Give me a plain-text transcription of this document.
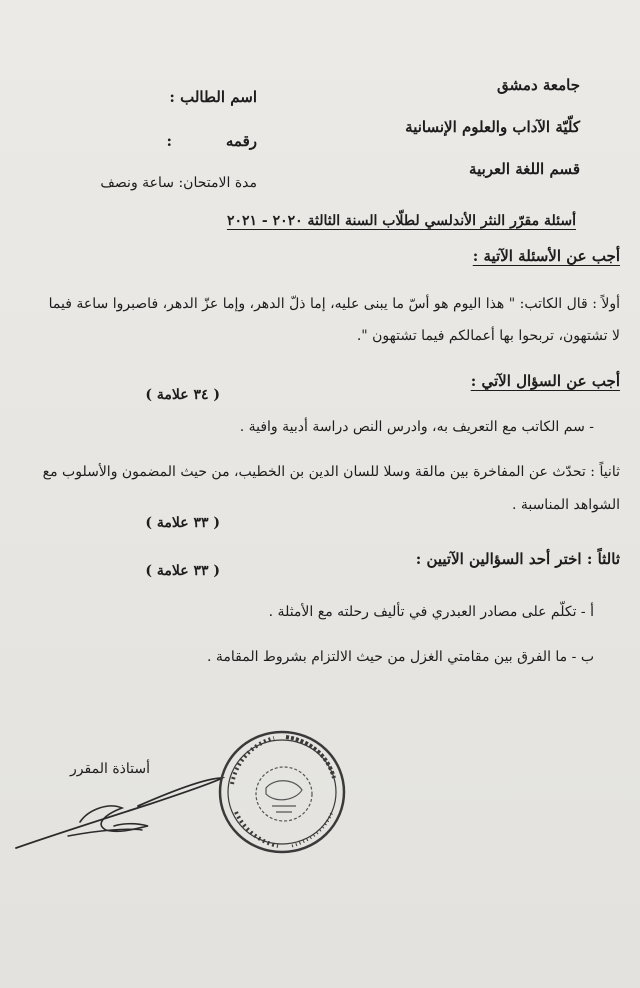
جامعة دمشق
كلّيّة الآداب والعلوم الإنسانية
قسم اللغة العربية
اسم الطالب :
رقمه
:
مدة الامتحان: ساعة ونصف
أسئلة مقرّر النثر الأندلسي لطلّاب السنة الثالثة ٢٠٢٠ - ٢٠٢١
أجب عن الأسئلة الآتية :
أولاً : قال الكاتب: " هذا اليوم هو أسّ ما يبنى عليه، إما ذلّ الدهر، وإما عزّ الدهر، فاصبروا ساعة فيما
لا تشتهون، تربحوا بها أعمالكم فيما تشتهون ".
أجب عن السؤال الآتي :
( ٣٤ علامة )
- سم الكاتب مع التعريف به، وادرس النص دراسة أدبية وافية .
ثانياً : تحدّث عن المفاخرة بين مالقة وسلا للسان الدين بن الخطيب، من حيث المضمون والأسلوب مع
الشواهد المناسبة .
( ٣٣ علامة )
ثالثاً : اختر أحد السؤالين الآتيين :
( ٣٣ علامة )
أ - تكلّم على مصادر العبدري في تأليف رحلته مع الأمثلة .
ب - ما الفرق بين مقامتي الغزل من حيث الالتزام بشروط المقامة .
أستاذة المقرر
